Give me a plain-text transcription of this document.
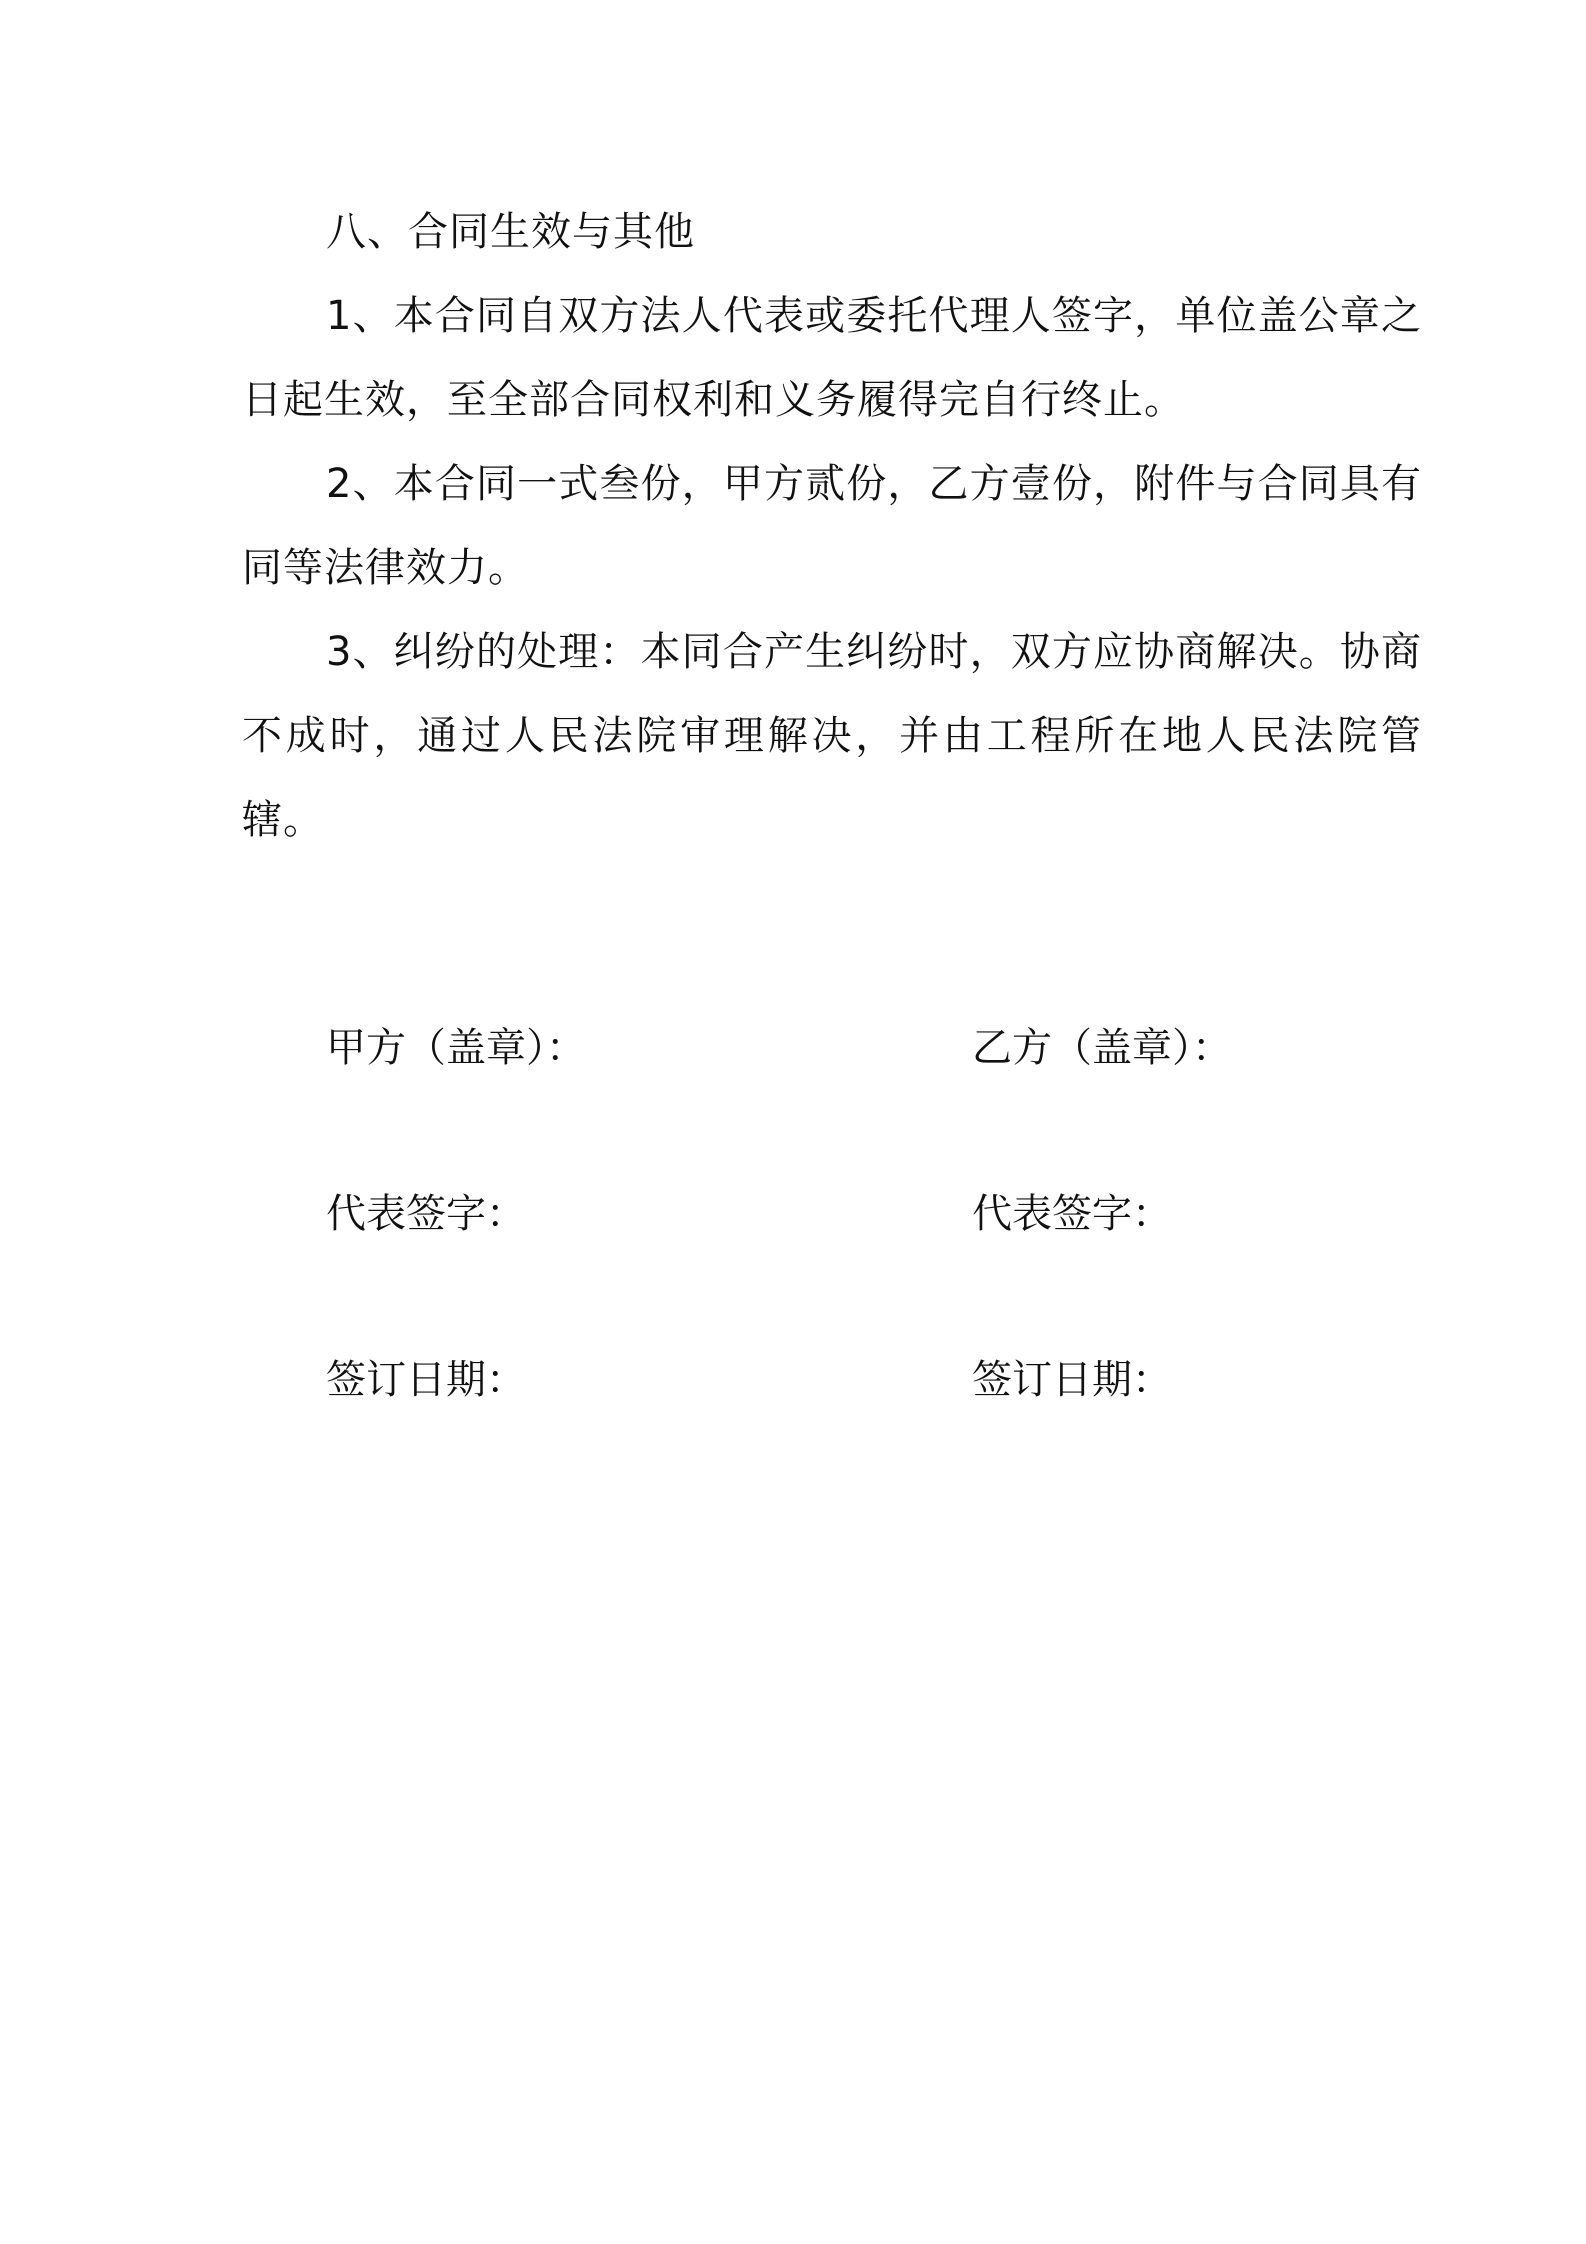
八、合同生效与其他

1、本合同自双方法人代表或委托代理人签字，单位盖公章之日起生效，至全部合同权利和义务履得完自行终止。

2、本合同一式叁份，甲方贰份，乙方壹份，附件与合同具有同等法律效力。

3、纠纷的处理：本同合产生纠纷时，双方应协商解决。协商不成时，通过人民法院审理解决，并由工程所在地人民法院管辖。

甲方（盖章）：	乙方（盖章）：
代表签字：	代表签字：
签订日期：	签订日期：
